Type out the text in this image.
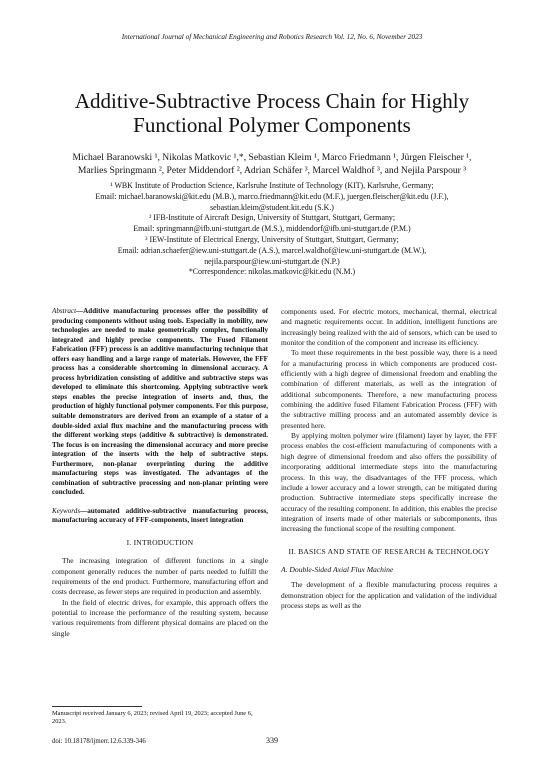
International Journal of Mechanical Engineering and Robotics Research Vol. 12, No. 6, November 2023
Additive-Subtractive Process Chain for Highly
Functional Polymer Components
Michael Baranowski ¹, Nikolas Matkovic ¹,*, Sebastian Kleim ¹, Marco Friedmann ¹, Jürgen Fleischer ¹,
Marlies Springmann ², Peter Middendorf ², Adrian Schäfer ³, Marcel Waldhof ³, and Nejila Parspour ³
¹ WBK Institute of Production Science, Karlsruhe Institute of Technology (KIT), Karlsruhe, Germany;
Email: michael.baranowski@kit.edu (M.B.), marco.friedmann@kit.edu (M.F.), juergen.fleischer@kit.edu (J.F.),
sebastian.kleim@student.kit.edu (S.K.)
² IFB-Institute of Aircraft Design, University of Stuttgart, Stuttgart, Germany;
Email: springmann@ifb.uni-stuttgart.de (M.S.), middendorf@ifb.uni-stuttgart.de (P.M.)
³ IEW-Institute of Electrical Energy, University of Stuttgart, Stuttgart, Germany;
Email: adrian.schaefer@iew.uni-stuttgart.de (A.S.), marcel.waldhof@iew.uni-stuttgart.de (M.W.),
nejila.parspour@iew.uni-stuttgart.de (N.P.)
*Correspondence: nikolas.matkovic@kit.edu (N.M.)
Abstract—Additive manufacturing processes offer the possibility of producing components without using tools. Especially in mobility, new technologies are needed to make geometrically complex, functionally integrated and highly precise components. The Fused Filament Fabrication (FFF) process is an additive manufacturing technique that offers easy handling and a large range of materials. However, the FFF process has a considerable shortcoming in dimensional accuracy. A process hybridization consisting of additive and subtractive steps was developed to eliminate this shortcoming. Applying subtractive work steps enables the precise integration of inserts and, thus, the production of highly functional polymer components. For this purpose, suitable demonstrators are derived from an example of a stator of a double-sided axial flux machine and the manufacturing process with the different working steps (additive & subtractive) is demonstrated. The focus is on increasing the dimensional accuracy and more precise integration of the inserts with the help of subtractive steps. Furthermore, non-planar overprinting during the additive manufacturing steps was investigated. The advantages of the combination of subtractive processing and non-planar printing were concluded.
Keywords—automated additive-subtractive manufacturing process, manufacturing accuracy of FFF-components, insert integration
I. INTRODUCTION

The increasing integration of different functions in a single component generally reduces the number of parts needed to fulfill the requirements of the end product. Furthermore, manufacturing effort and costs decrease, as fewer steps are required in production and assembly.

In the field of electric drives, for example, this approach offers the potential to increase the performance of the resulting system, because various requirements from different physical domains are placed on the single

components used. For electric motors, mechanical, thermal, electrical and magnetic requirements occur. In addition, intelligent functions are increasingly being realized with the aid of sensors, which can be used to monitor the condition of the component and increase its efficiency.

To meet these requirements in the best possible way, there is a need for a manufacturing process in which components are produced cost-efficiently with a high degree of dimensional freedom and enabling the combination of different materials, as well as the integration of additional subcomponents. Therefore, a new manufacturing process combining the additive fused Filament Fabrication Process (FFF) with the subtractive milling process and an automated assembly device is presented here.

By applying molten polymer wire (filament) layer by layer, the FFF process enables the cost-efficient manufacturing of components with a high degree of dimensional freedom and also offers the possibility of incorporating additional intermediate steps into the manufacturing process. In this way, the disadvantages of the FFF process, which include a lower accuracy and a lower strength, can be mitigated during production. Subtractive intermediate steps specifically increase the accuracy of the resulting component. In addition, this enables the precise integration of inserts made of other materials or subcomponents, thus increasing the functional scope of the resulting component.

II. BASICS AND STATE OF RESEARCH & TECHNOLOGY
A. Double-Sided Axial Flux Machine

The development of a flexible manufacturing process requires a demonstration object for the application and validation of the individual process steps as well as the

Manuscript received January 6, 2023; revised April 19, 2023; accepted June 6, 2023.
doi: 10.18178/ijmerr.12.6.339-346	339
